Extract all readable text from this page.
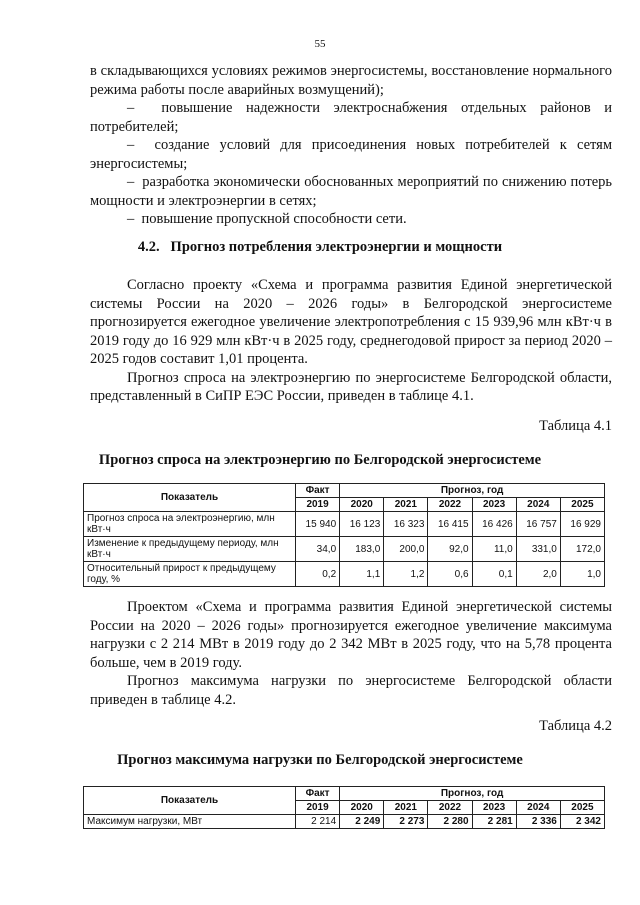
55

в складывающихся условиях режимов энергосистемы, восстановление нормального режима работы после аварийных возмущений);

–  повышение надежности электроснабжения отдельных районов и потребителей;

–  создание условий для присоединения новых потребителей к сетям энергосистемы;

–  разработка экономически обоснованных мероприятий по снижению потерь мощности и электроэнергии в сетях;

–  повышение пропускной способности сети.

4.2. Прогноз потребления электроэнергии и мощности

Согласно проекту «Схема и программа развития Единой энергетической системы России на 2020 – 2026 годы» в Белгородской энергосистеме прогнозируется ежегодное увеличение электропотребления с 15 939,96 млн кВт·ч в 2019 году до 16 929 млн кВт·ч в 2025 году, среднегодовой прирост за период 2020 – 2025 годов составит 1,01 процента.

Прогноз спроса на электроэнергию по энергосистеме Белгородской области, представленный в СиПР ЕЭС России, приведен в таблице 4.1.

Таблица 4.1
Прогноз спроса на электроэнергию по Белгородской энергосистеме
Показатель	Факт	Прогноз, год					
	2019	2020	2021	2022	2023	2024	2025
Прогноз спроса на электроэнергию, млн кВт·ч	15 940	16 123	16 323	16 415	16 426	16 757	16 929
Изменение к предыдущему периоду, млн кВт·ч	34,0	183,0	200,0	92,0	11,0	331,0	172,0
Относительный прирост к предыдущему году, %	0,2	1,1	1,2	0,6	0,1	2,0	1,0

Проектом «Схема и программа развития Единой энергетической системы России на 2020 – 2026 годы» прогнозируется ежегодное увеличение максимума нагрузки с 2 214 МВт в 2019 году до 2 342 МВт в 2025 году, что на 5,78 процента больше, чем в 2019 году.

Прогноз максимума нагрузки по энергосистеме Белгородской области приведен в таблице 4.2.

Таблица 4.2
Прогноз максимума нагрузки по Белгородской энергосистеме
Показатель	Факт	Прогноз, год					
	2019	2020	2021	2022	2023	2024	2025
Максимум нагрузки, МВт	2 214	2 249	2 273	2 280	2 281	2 336	2 342
